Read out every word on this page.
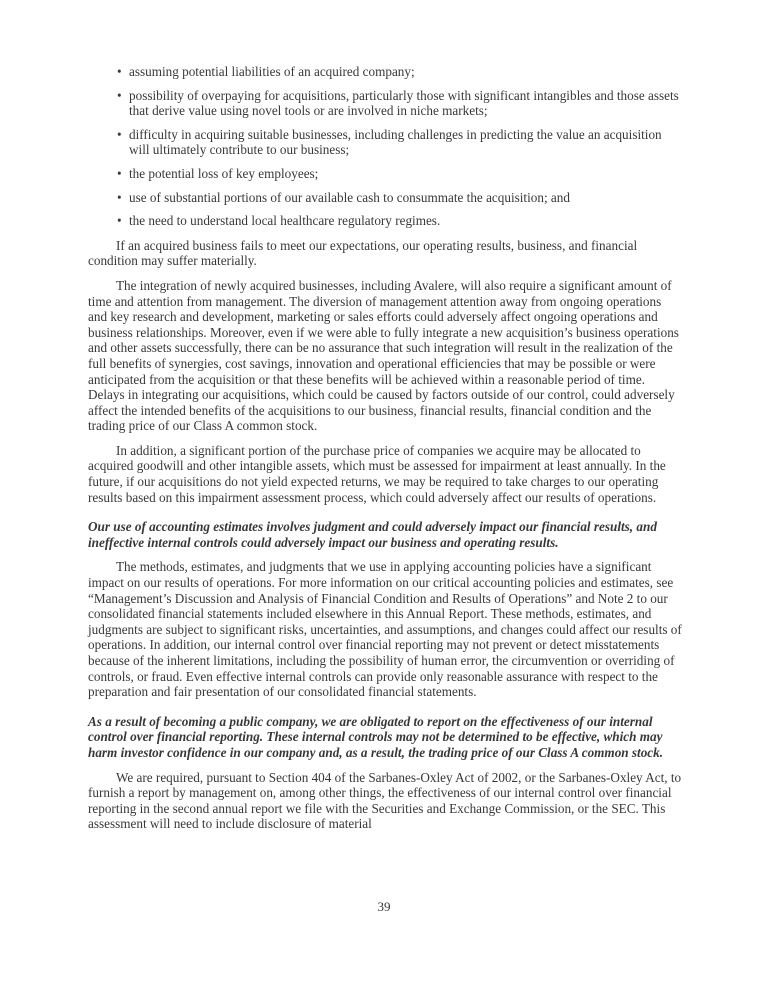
• assuming potential liabilities of an acquired company;
• possibility of overpaying for acquisitions, particularly those with significant intangibles and those assets that derive value using novel tools or are involved in niche markets;
• difficulty in acquiring suitable businesses, including challenges in predicting the value an acquisition will ultimately contribute to our business;
• the potential loss of key employees;
• use of substantial portions of our available cash to consummate the acquisition; and
• the need to understand local healthcare regulatory regimes.

If an acquired business fails to meet our expectations, our operating results, business, and financial condition may suffer materially.

The integration of newly acquired businesses, including Avalere, will also require a significant amount of time and attention from management. The diversion of management attention away from ongoing operations and key research and development, marketing or sales efforts could adversely affect ongoing operations and business relationships. Moreover, even if we were able to fully integrate a new acquisition’s business operations and other assets successfully, there can be no assurance that such integration will result in the realization of the full benefits of synergies, cost savings, innovation and operational efficiencies that may be possible or were anticipated from the acquisition or that these benefits will be achieved within a reasonable period of time. Delays in integrating our acquisitions, which could be caused by factors outside of our control, could adversely affect the intended benefits of the acquisitions to our business, financial results, financial condition and the trading price of our Class A common stock.

In addition, a significant portion of the purchase price of companies we acquire may be allocated to acquired goodwill and other intangible assets, which must be assessed for impairment at least annually. In the future, if our acquisitions do not yield expected returns, we may be required to take charges to our operating results based on this impairment assessment process, which could adversely affect our results of operations.

Our use of accounting estimates involves judgment and could adversely impact our financial results, and ineffective internal controls could adversely impact our business and operating results.

The methods, estimates, and judgments that we use in applying accounting policies have a significant impact on our results of operations. For more information on our critical accounting policies and estimates, see “Management’s Discussion and Analysis of Financial Condition and Results of Operations” and Note 2 to our consolidated financial statements included elsewhere in this Annual Report. These methods, estimates, and judgments are subject to significant risks, uncertainties, and assumptions, and changes could affect our results of operations. In addition, our internal control over financial reporting may not prevent or detect misstatements because of the inherent limitations, including the possibility of human error, the circumvention or overriding of controls, or fraud. Even effective internal controls can provide only reasonable assurance with respect to the preparation and fair presentation of our consolidated financial statements.

As a result of becoming a public company, we are obligated to report on the effectiveness of our internal control over financial reporting. These internal controls may not be determined to be effective, which may harm investor confidence in our company and, as a result, the trading price of our Class A common stock.

We are required, pursuant to Section 404 of the Sarbanes-Oxley Act of 2002, or the Sarbanes-Oxley Act, to furnish a report by management on, among other things, the effectiveness of our internal control over financial reporting in the second annual report we file with the Securities and Exchange Commission, or the SEC. This assessment will need to include disclosure of material

39
